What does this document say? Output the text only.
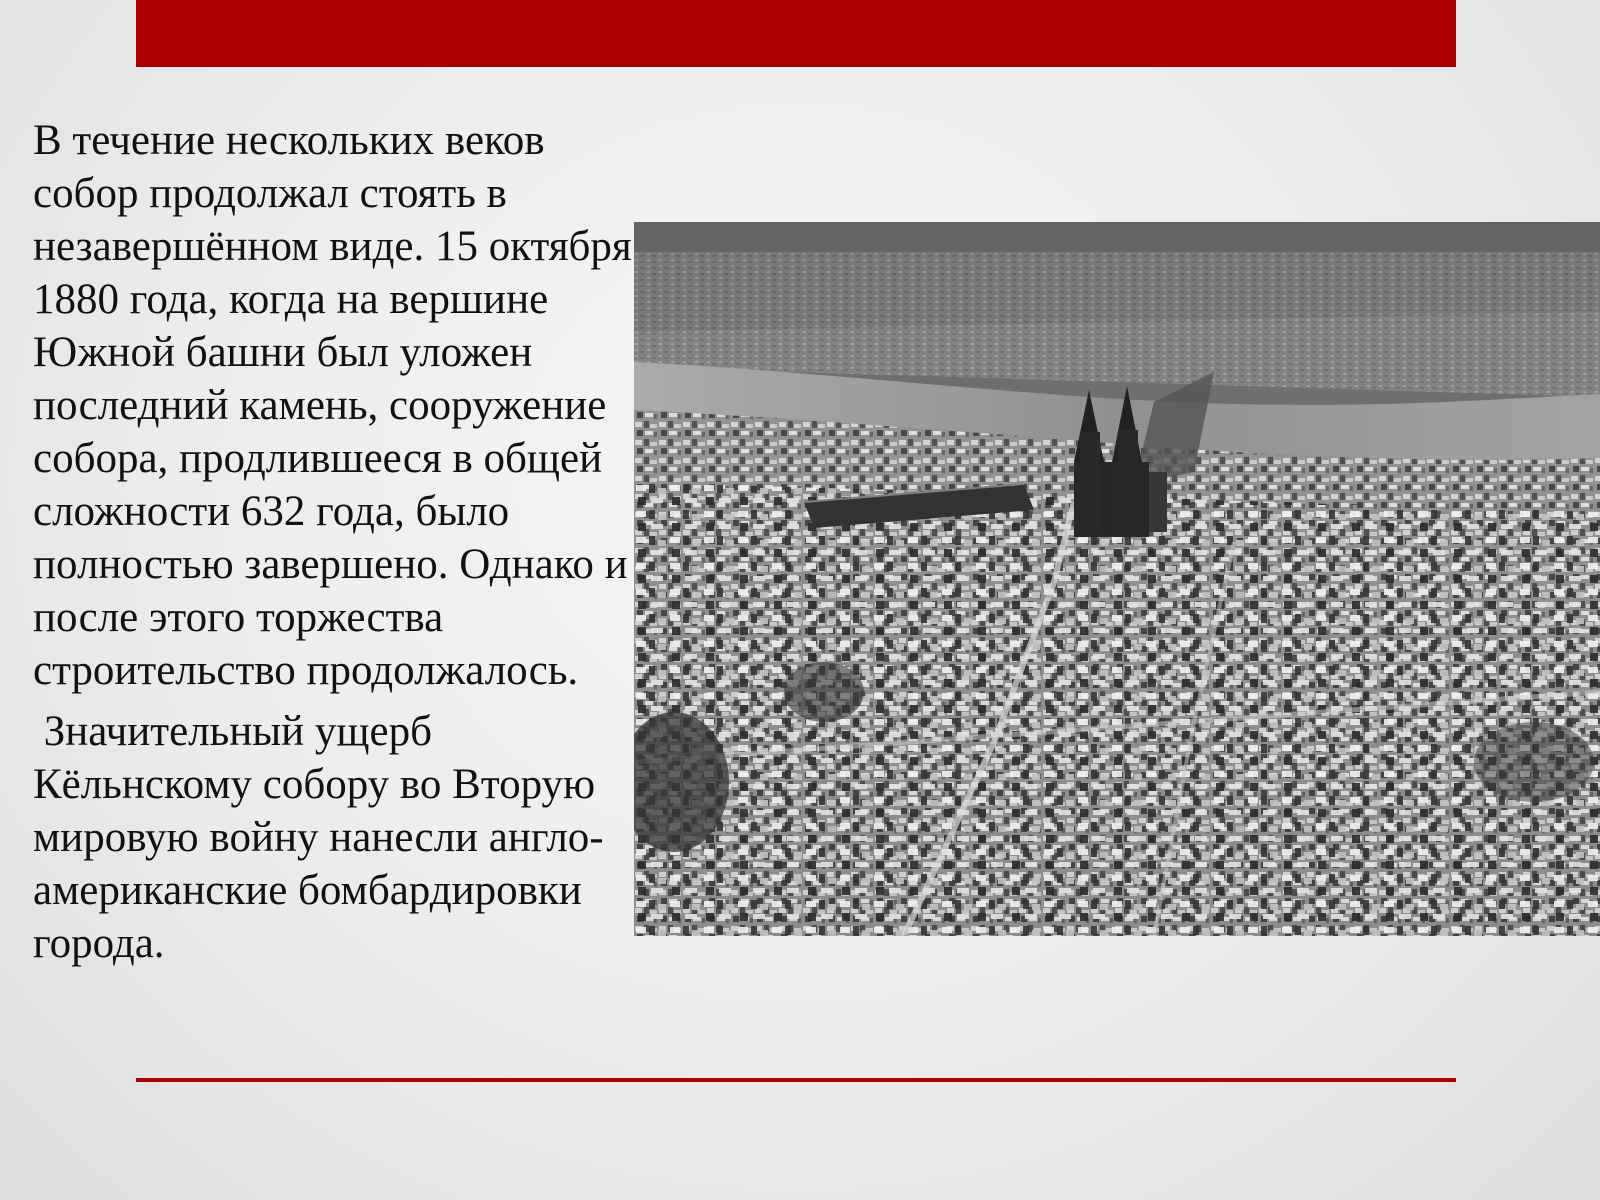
В течение нескольких веков собор продолжал стоять в незавершённом виде. 15 октября 1880 года, когда на вершине Южной башни был уложен последний камень, сооружение собора, продлившееся в общей сложности 632 года, было полностью завершено. Однако и после этого торжества строительство продолжалось.

Значительный ущерб Кёльнскому собору во Вторую мировую войну нанесли англо-американские бомбардировки города.
